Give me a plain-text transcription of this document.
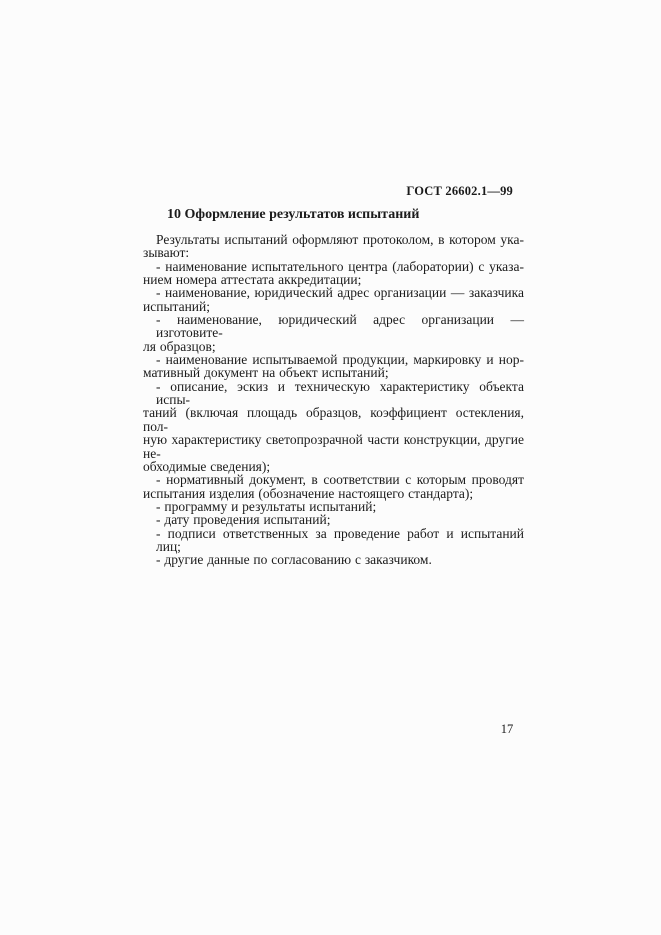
ГОСТ 26602.1—99
10 Оформление результатов испытаний
Результаты испытаний оформляют протоколом, в котором ука-
зывают:
- наименование испытательного центра (лаборатории) с указа-
нием номера аттестата аккредитации;
- наименование, юридический адрес организации — заказчика
испытаний;
- наименование, юридический адрес организации — изготовите-
ля образцов;
- наименование испытываемой продукции, маркировку и нор-
мативный документ на объект испытаний;
- описание, эскиз и техническую характеристику объекта испы-
таний (включая площадь образцов, коэффициент остекления, пол-
ную характеристику светопрозрачной части конструкции, другие не-
обходимые сведения);
- нормативный документ, в соответствии с которым проводят
испытания изделия (обозначение настоящего стандарта);
- программу и результаты испытаний;
- дату проведения испытаний;
- подписи ответственных за проведение работ и испытаний лиц;
- другие данные по согласованию с заказчиком.
17
